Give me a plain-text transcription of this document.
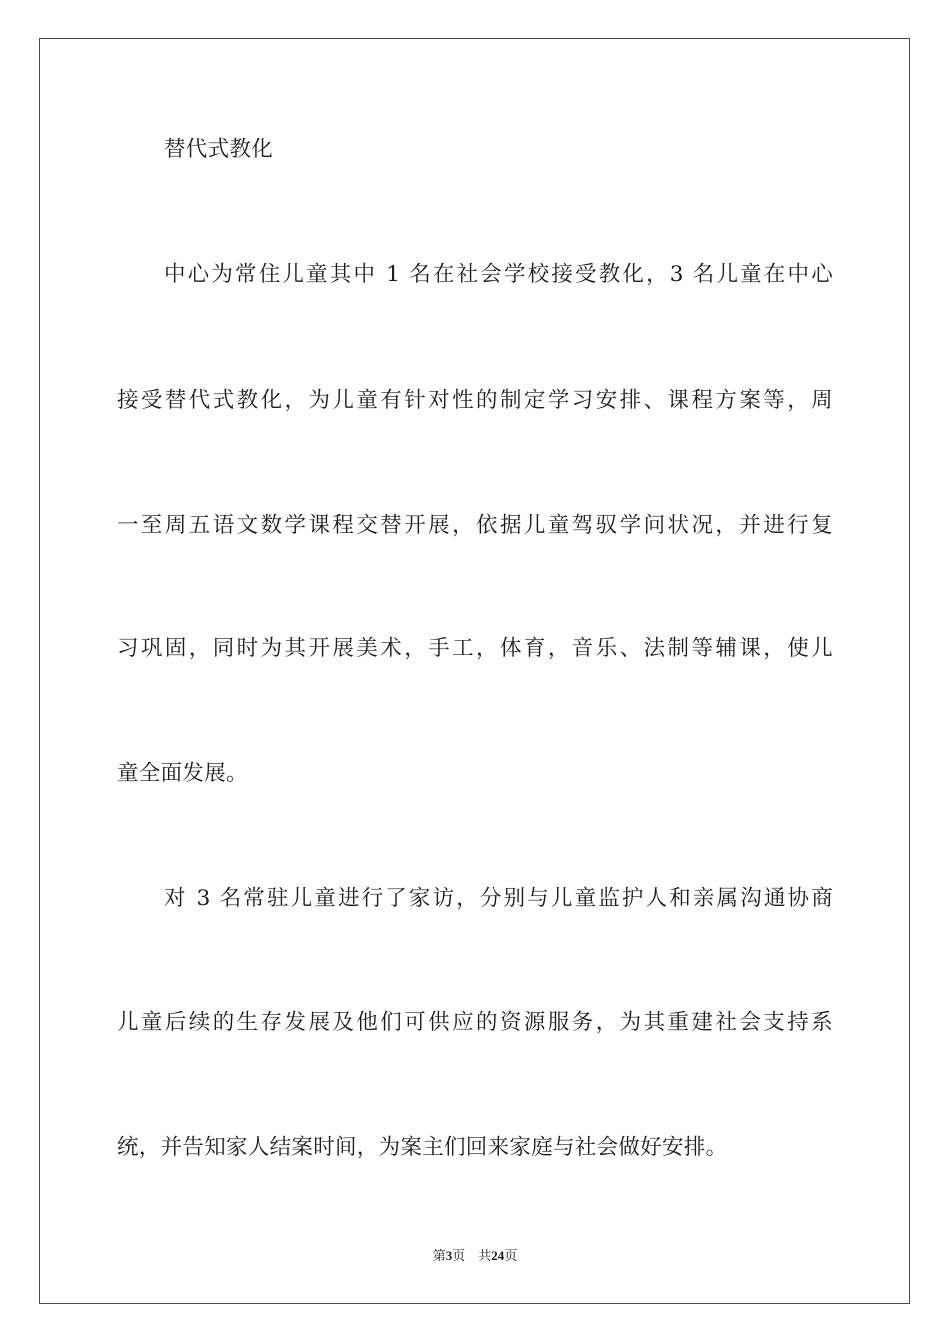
替代式教化
中心为常住儿童其中 1 名在社会学校接受教化，3 名儿童在中心
接受替代式教化，为儿童有针对性的制定学习安排、课程方案等，周
一至周五语文数学课程交替开展，依据儿童驾驭学问状况，并进行复
习巩固，同时为其开展美术，手工，体育，音乐、法制等辅课，使儿
童全面发展。
对 3 名常驻儿童进行了家访，分别与儿童监护人和亲属沟通协商
儿童后续的生存发展及他们可供应的资源服务，为其重建社会支持系
统，并告知家人结案时间，为案主们回来家庭与社会做好安排。
第3页 共24页
